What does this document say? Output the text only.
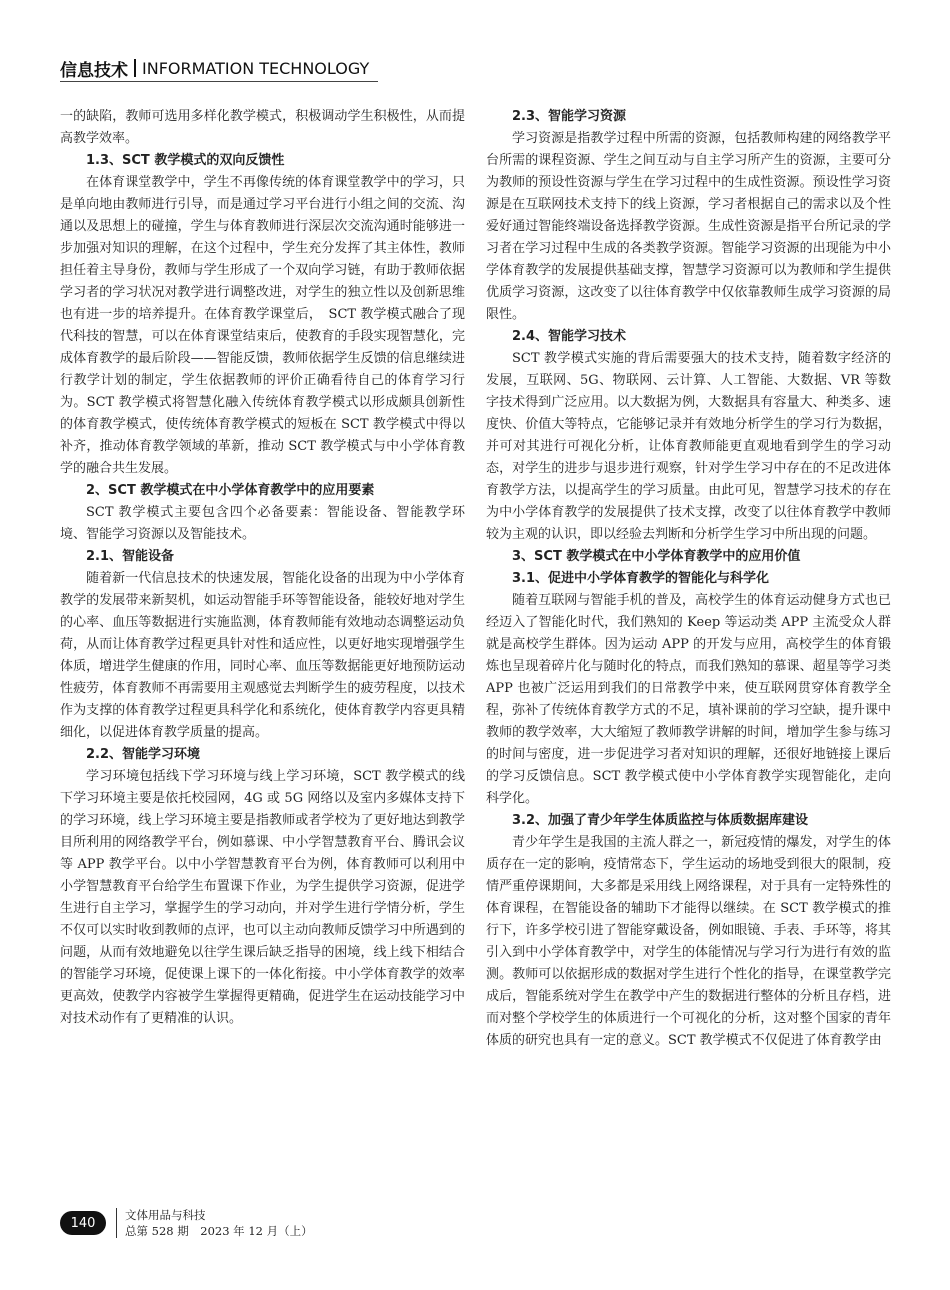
信息技术 INFORMATION TECHNOLOGY

一的缺陷，教师可选用多样化教学模式，积极调动学生积极性，从而提高教学效率。

1.3、SCT 教学模式的双向反馈性

在体育课堂教学中，学生不再像传统的体育课堂教学中的学习，只是单向地由教师进行引导，而是通过学习平台进行小组之间的交流、沟通以及思想上的碰撞，学生与体育教师进行深层次交流沟通时能够进一步加强对知识的理解，在这个过程中，学生充分发挥了其主体性，教师担任着主导身份，教师与学生形成了一个双向学习链，有助于教师依据学习者的学习状况对教学进行调整改进，对学生的独立性以及创新思维也有进一步的培养提升。在体育教学课堂后，　SCT 教学模式融合了现代科技的智慧，可以在体育课堂结束后，使教育的手段实现智慧化，完成体育教学的最后阶段——智能反馈，教师依据学生反馈的信息继续进行教学计划的制定，学生依据教师的评价正确看待自己的体育学习行为。SCT 教学模式将智慧化融入传统体育教学模式以形成颇具创新性的体育教学模式，使传统体育教学模式的短板在 SCT 教学模式中得以补齐，推动体育教学领域的革新，推动 SCT 教学模式与中小学体育教学的融合共生发展。

2、SCT 教学模式在中小学体育教学中的应用要素

SCT 教学模式主要包含四个必备要素：智能设备、智能教学环境、智能学习资源以及智能技术。

2.1、智能设备

随着新一代信息技术的快速发展，智能化设备的出现为中小学体育教学的发展带来新契机，如运动智能手环等智能设备，能较好地对学生的心率、血压等数据进行实施监测，体育教师能有效地动态调整运动负荷，从而让体育教学过程更具针对性和适应性，以更好地实现增强学生体质，增进学生健康的作用，同时心率、血压等数据能更好地预防运动性疲劳，体育教师不再需要用主观感觉去判断学生的疲劳程度，以技术作为支撑的体育教学过程更具科学化和系统化，使体育教学内容更具精细化，以促进体育教学质量的提高。

2.2、智能学习环境

学习环境包括线下学习环境与线上学习环境，SCT 教学模式的线下学习环境主要是依托校园网，4G 或 5G 网络以及室内多媒体支持下的学习环境，线上学习环境主要是指教师或者学校为了更好地达到教学目所利用的网络教学平台，例如慕课、中小学智慧教育平台、腾讯会议等 APP 教学平台。以中小学智慧教育平台为例，体育教师可以利用中小学智慧教育平台给学生布置课下作业，为学生提供学习资源，促进学生进行自主学习，掌握学生的学习动向，并对学生进行学情分析，学生不仅可以实时收到教师的点评，也可以主动向教师反馈学习中所遇到的问题，从而有效地避免以往学生课后缺乏指导的困境，线上线下相结合的智能学习环境，促使课上课下的一体化衔接。中小学体育教学的效率更高效，使教学内容被学生掌握得更精确，促进学生在运动技能学习中对技术动作有了更精准的认识。

2.3、智能学习资源

学习资源是指教学过程中所需的资源，包括教师构建的网络教学平台所需的课程资源、学生之间互动与自主学习所产生的资源，主要可分为教师的预设性资源与学生在学习过程中的生成性资源。预设性学习资源是在互联网技术支持下的线上资源，学习者根据自己的需求以及个性爱好通过智能终端设备选择教学资源。生成性资源是指平台所记录的学习者在学习过程中生成的各类教学资源。智能学习资源的出现能为中小学体育教学的发展提供基础支撑，智慧学习资源可以为教师和学生提供优质学习资源，这改变了以往体育教学中仅依靠教师生成学习资源的局限性。

2.4、智能学习技术

SCT 教学模式实施的背后需要强大的技术支持，随着数字经济的发展，互联网、5G、物联网、云计算、人工智能、大数据、VR 等数字技术得到广泛应用。以大数据为例，大数据具有容量大、种类多、速度快、价值大等特点，它能够记录并有效地分析学生的学习行为数据，并可对其进行可视化分析，让体育教师能更直观地看到学生的学习动态，对学生的进步与退步进行观察，针对学生学习中存在的不足改进体育教学方法，以提高学生的学习质量。由此可见，智慧学习技术的存在为中小学体育教学的发展提供了技术支撑，改变了以往体育教学中教师较为主观的认识，即以经验去判断和分析学生学习中所出现的问题。

3、SCT 教学模式在中小学体育教学中的应用价值
3.1、促进中小学体育教学的智能化与科学化

随着互联网与智能手机的普及，高校学生的体育运动健身方式也已经迈入了智能化时代，我们熟知的 Keep 等运动类 APP 主流受众人群就是高校学生群体。因为运动 APP 的开发与应用，高校学生的体育锻炼也呈现着碎片化与随时化的特点，而我们熟知的慕课、超星等学习类APP 也被广泛运用到我们的日常教学中来，使互联网贯穿体育教学全程，弥补了传统体育教学方式的不足，填补课前的学习空缺，提升课中教师的教学效率，大大缩短了教师教学讲解的时间，增加学生参与练习的时间与密度，进一步促进学习者对知识的理解，还很好地链接上课后的学习反馈信息。SCT 教学模式使中小学体育教学实现智能化，走向科学化。

3.2、加强了青少年学生体质监控与体质数据库建设

青少年学生是我国的主流人群之一，新冠疫情的爆发，对学生的体质存在一定的影响，疫情常态下，学生运动的场地受到很大的限制，疫情严重停课期间，大多都是采用线上网络课程，对于具有一定特殊性的体育课程，在智能设备的辅助下才能得以继续。在 SCT 教学模式的推行下，许多学校引进了智能穿戴设备，例如眼镜、手表、手环等，将其引入到中小学体育教学中，对学生的体能情况与学习行为进行有效的监测。教师可以依据形成的数据对学生进行个性化的指导，在课堂教学完成后，智能系统对学生在教学中产生的数据进行整体的分析且存档，进而对整个学校学生的体质进行一个可视化的分析，这对整个国家的青年体质的研究也具有一定的意义。SCT 教学模式不仅促进了体育教学由

140
文体用品与科技
总第 528 期　2023 年 12 月（上）
